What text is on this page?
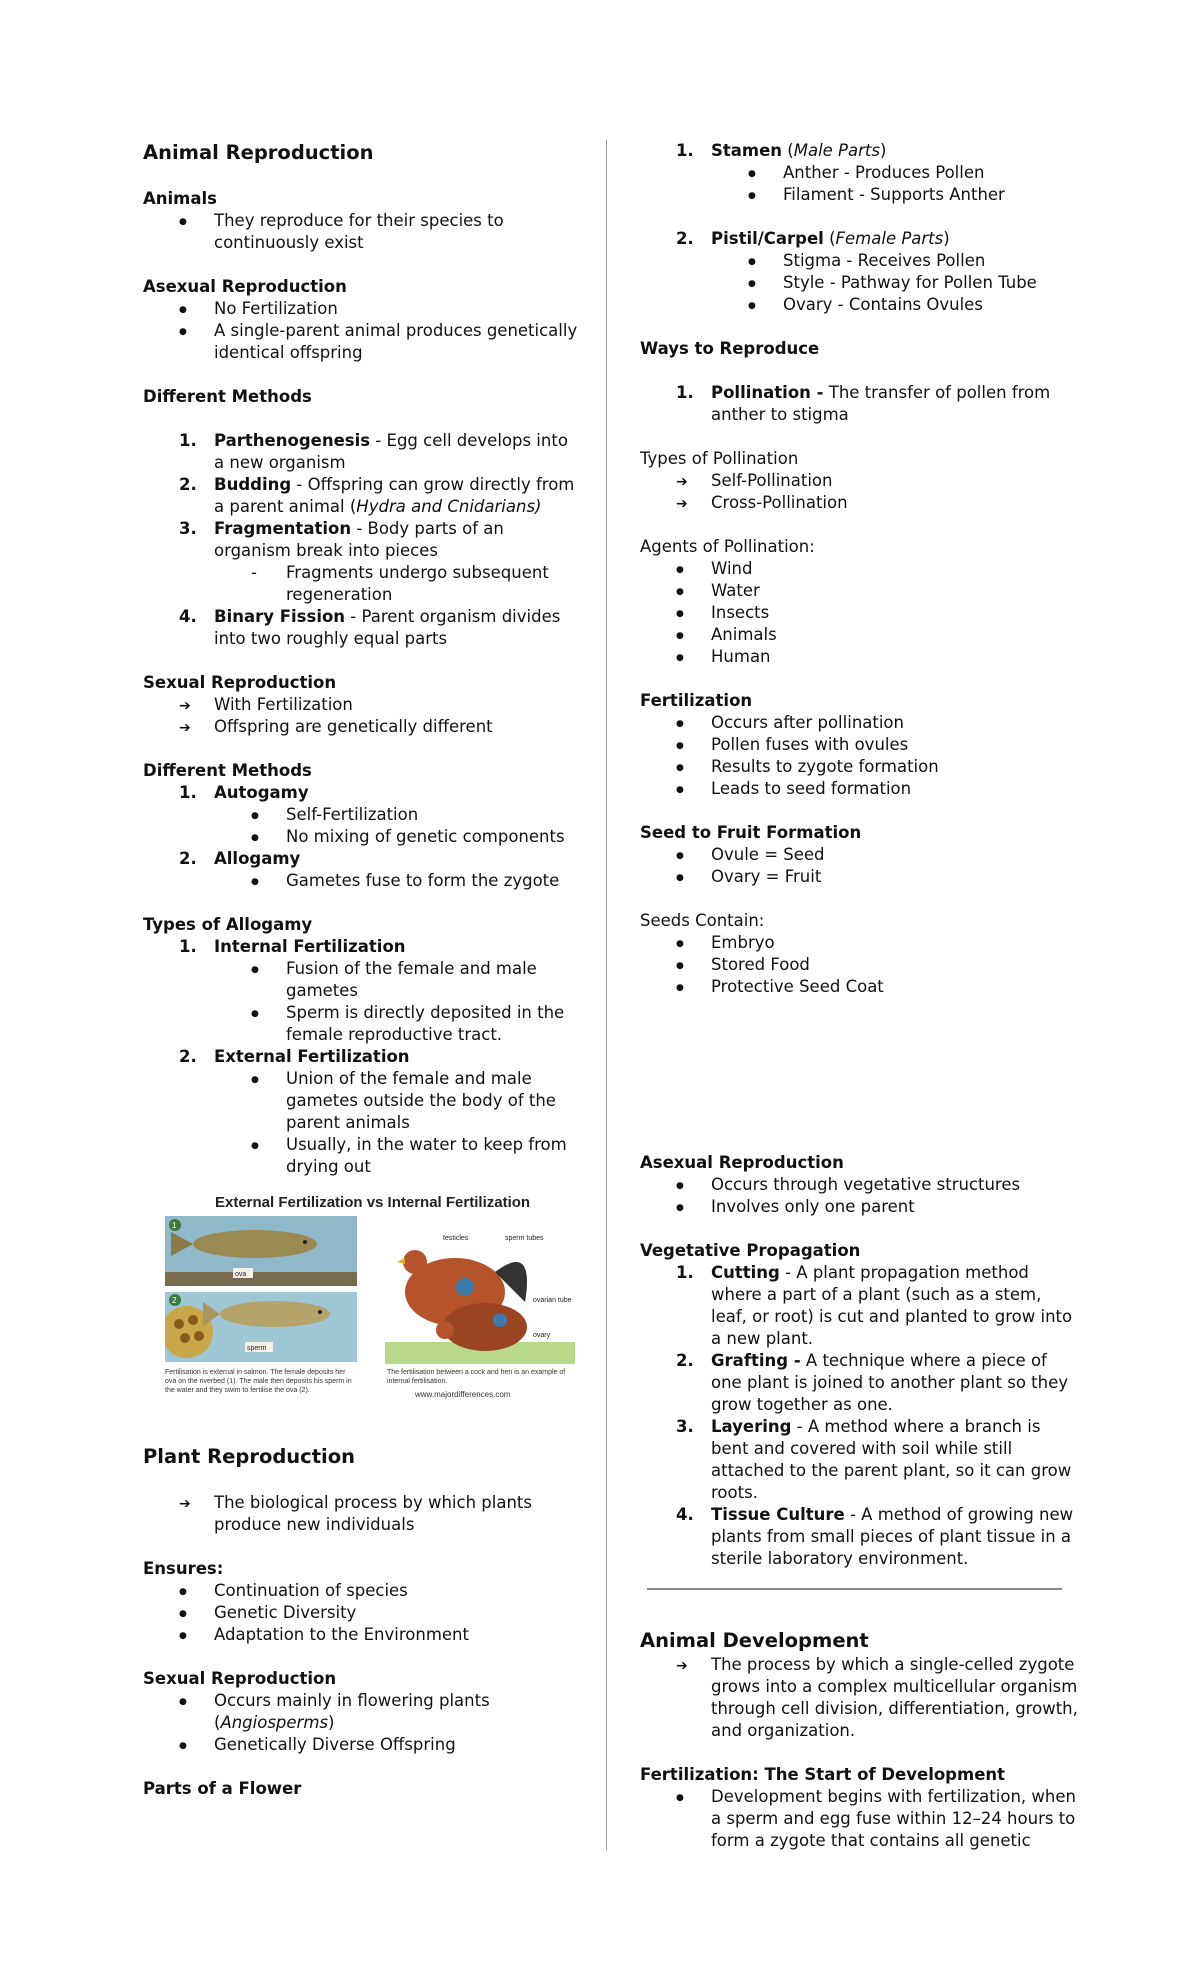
Animal Reproduction
Animals
●
They reproduce for their species to continuously exist
Asexual Reproduction
●
No Fertilization
●
A single-parent animal produces genetically identical offspring
Different Methods
1.	Parthenogenesis - Egg cell develops into a new organism
2.	Budding - Offspring can grow directly from a parent animal (Hydra and Cnidarians)
3.	Fragmentation - Body parts of an organism break into pieces
-
Fragments undergo subsequent regeneration
4.	Binary Fission - Parent organism divides into two roughly equal parts
Sexual Reproduction
➔
With Fertilization
➔
Offspring are genetically different
Different Methods
1.	Autogamy
●
Self-Fertilization
●
No mixing of genetic components
2.	Allogamy
●
Gametes fuse to form the zygote
Types of Allogamy
1.	Internal Fertilization
●
Fusion of the female and male gametes
●
Sperm is directly deposited in the female reproductive tract.
2.	External Fertilization
●
Union of the female and male gametes outside the body of the parent animals
●
Usually, in the water to keep from drying out
External Fertilization vs Internal Fertilization
1
ova
2
sperm
testicles	sperm tubes
ovarian tube
ovary
Fertilisation is external in salmon. The female deposits her ova on the riverbed (1). The male then deposits his sperm in the water and they swim to fertilise the ova (2).
The fertilisation between a cock and hen is an example of internal fertilisation.
www.majordifferences.com
Plant Reproduction
➔
The biological process by which plants produce new individuals
Ensures:
●
Continuation of species
●
Genetic Diversity
●
Adaptation to the Environment
Sexual Reproduction
●
Occurs mainly in flowering plants (Angiosperms)
●
Genetically Diverse Offspring
Parts of a Flower
1.	Stamen (Male Parts)
●
Anther - Produces Pollen
●
Filament - Supports Anther
2.	Pistil/Carpel (Female Parts)
●
Stigma - Receives Pollen
●
Style - Pathway for Pollen Tube
●
Ovary - Contains Ovules
Ways to Reproduce
1.	Pollination - The transfer of pollen from anther to stigma
Types of Pollination
➔
Self-Pollination
➔
Cross-Pollination
Agents of Pollination:
●
Wind
●
Water
●
Insects
●
Animals
●
Human
Fertilization
●
Occurs after pollination
●
Pollen fuses with ovules
●
Results to zygote formation
●
Leads to seed formation
Seed to Fruit Formation
●
Ovule = Seed
●
Ovary = Fruit
Seeds Contain:
●
Embryo
●
Stored Food
●
Protective Seed Coat
Asexual Reproduction
●
Occurs through vegetative structures
●
Involves only one parent
Vegetative Propagation
1.	Cutting - A plant propagation method where a part of a plant (such as a stem, leaf, or root) is cut and planted to grow into a new plant.
2.	Grafting - A technique where a piece of one plant is joined to another plant so they grow together as one.
3.	Layering - A method where a branch is bent and covered with soil while still attached to the parent plant, so it can grow roots.
4.	Tissue Culture - A method of growing new plants from small pieces of plant tissue in a sterile laboratory environment.
Animal Development
➔
The process by which a single-celled zygote grows into a complex multicellular organism through cell division, differentiation, growth, and organization.
Fertilization: The Start of Development
●
Development begins with fertilization, when a sperm and egg fuse within 12–24 hours to form a zygote that contains all genetic
